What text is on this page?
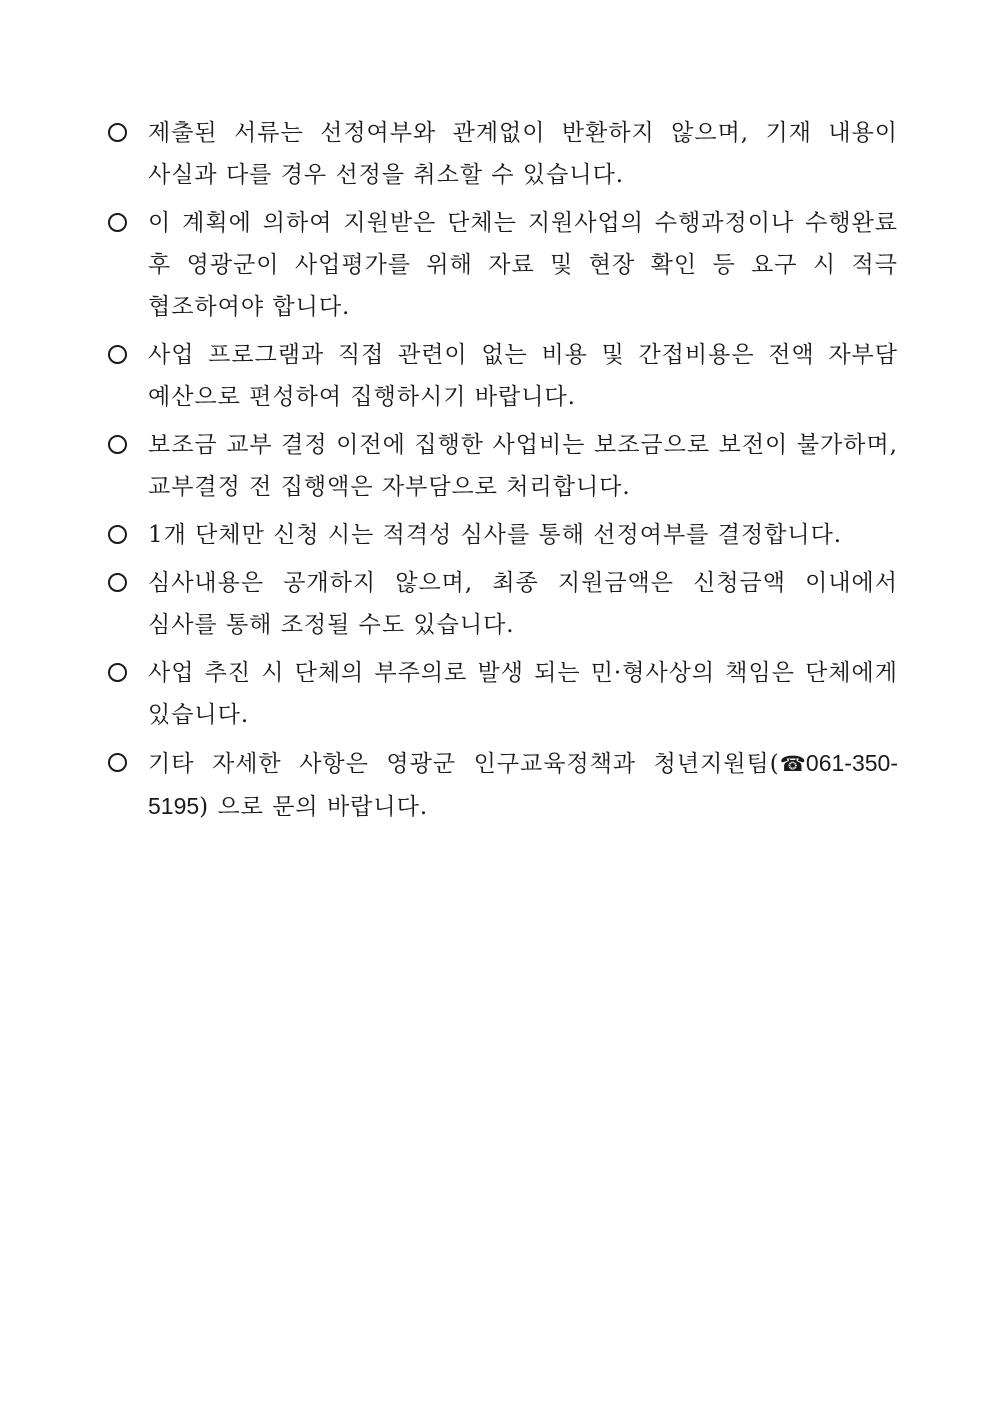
제출된 서류는 선정여부와 관계없이 반환하지 않으며, 기재 내용이 사실과 다를 경우 선정을 취소할 수 있습니다.
이 계획에 의하여 지원받은 단체는 지원사업의 수행과정이나 수행완료 후 영광군이 사업평가를 위해 자료 및 현장 확인 등 요구 시 적극 협조하여야 합니다.
사업 프로그램과 직접 관련이 없는 비용 및 간접비용은 전액 자부담 예산으로 편성하여 집행하시기 바랍니다.
보조금 교부 결정 이전에 집행한 사업비는 보조금으로 보전이 불가하며, 교부결정 전 집행액은 자부담으로 처리합니다.
1개 단체만 신청 시는 적격성 심사를 통해 선정여부를 결정합니다.
심사내용은 공개하지 않으며, 최종 지원금액은 신청금액 이내에서 심사를 통해 조정될 수도 있습니다.
사업 추진 시 단체의 부주의로 발생 되는 민·형사상의 책임은 단체에게 있습니다.
기타 자세한 사항은 영광군 인구교육정책과 청년지원팀(☎061-350-5195) 으로 문의 바랍니다.
